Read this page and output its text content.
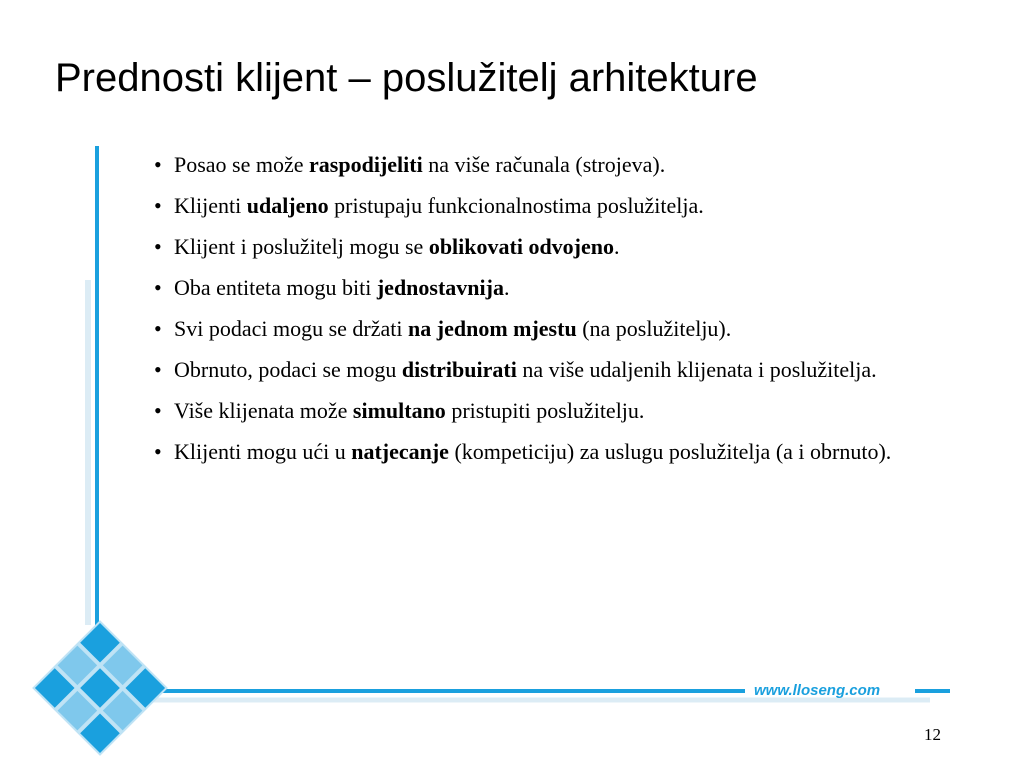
Prednosti klijent – poslužitelj arhitekture
• Posao se može raspodijeliti na više računala (strojeva).
• Klijenti udaljeno pristupaju funkcionalnostima poslužitelja.
• Klijent i poslužitelj mogu se oblikovati odvojeno.
• Oba entiteta mogu biti jednostavnija.
• Svi podaci mogu se držati na jednom mjestu (na poslužitelju).
• Obrnuto, podaci se mogu distribuirati na više udaljenih klijenata i poslužitelja.
• Više klijenata može simultano pristupiti poslužitelju.
• Klijenti mogu ući u natjecanje (kompeticiju) za uslugu poslužitelja (a i obrnuto).
www.lloseng.com
12
